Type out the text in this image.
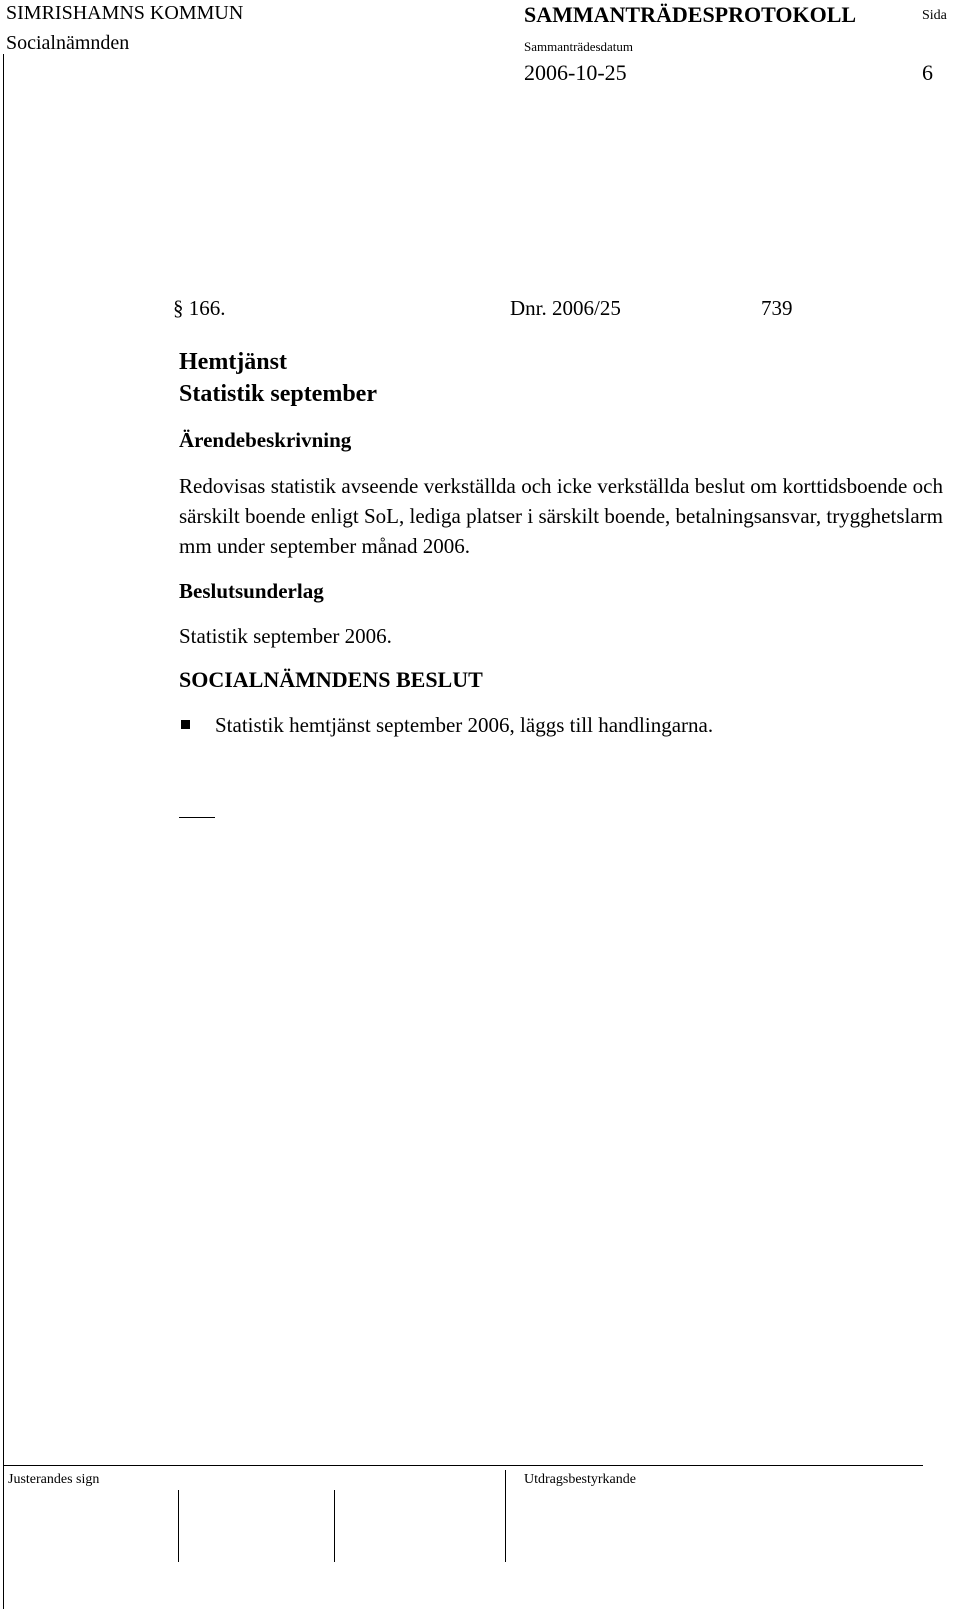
SIMRISHAMNS KOMMUN
Socialnämnden
SAMMANTRÄDESPROTOKOLL	Sida
Sammanträdesdatum
2006-10-25	6
§ 166.	Dnr. 2006/25	739
Hemtjänst
Statistik september
Ärendebeskrivning
Redovisas statistik avseende verkställda och icke verkställda beslut om korttidsboende och särskilt boende enligt SoL, lediga platser i särskilt boende, betalningsansvar, trygghetslarm mm under september månad 2006.
Beslutsunderlag
Statistik september 2006.
SOCIALNÄMNDENS BESLUT
Statistik hemtjänst september 2006, läggs till handlingarna.
Justerandes sign	Utdragsbestyrkande
